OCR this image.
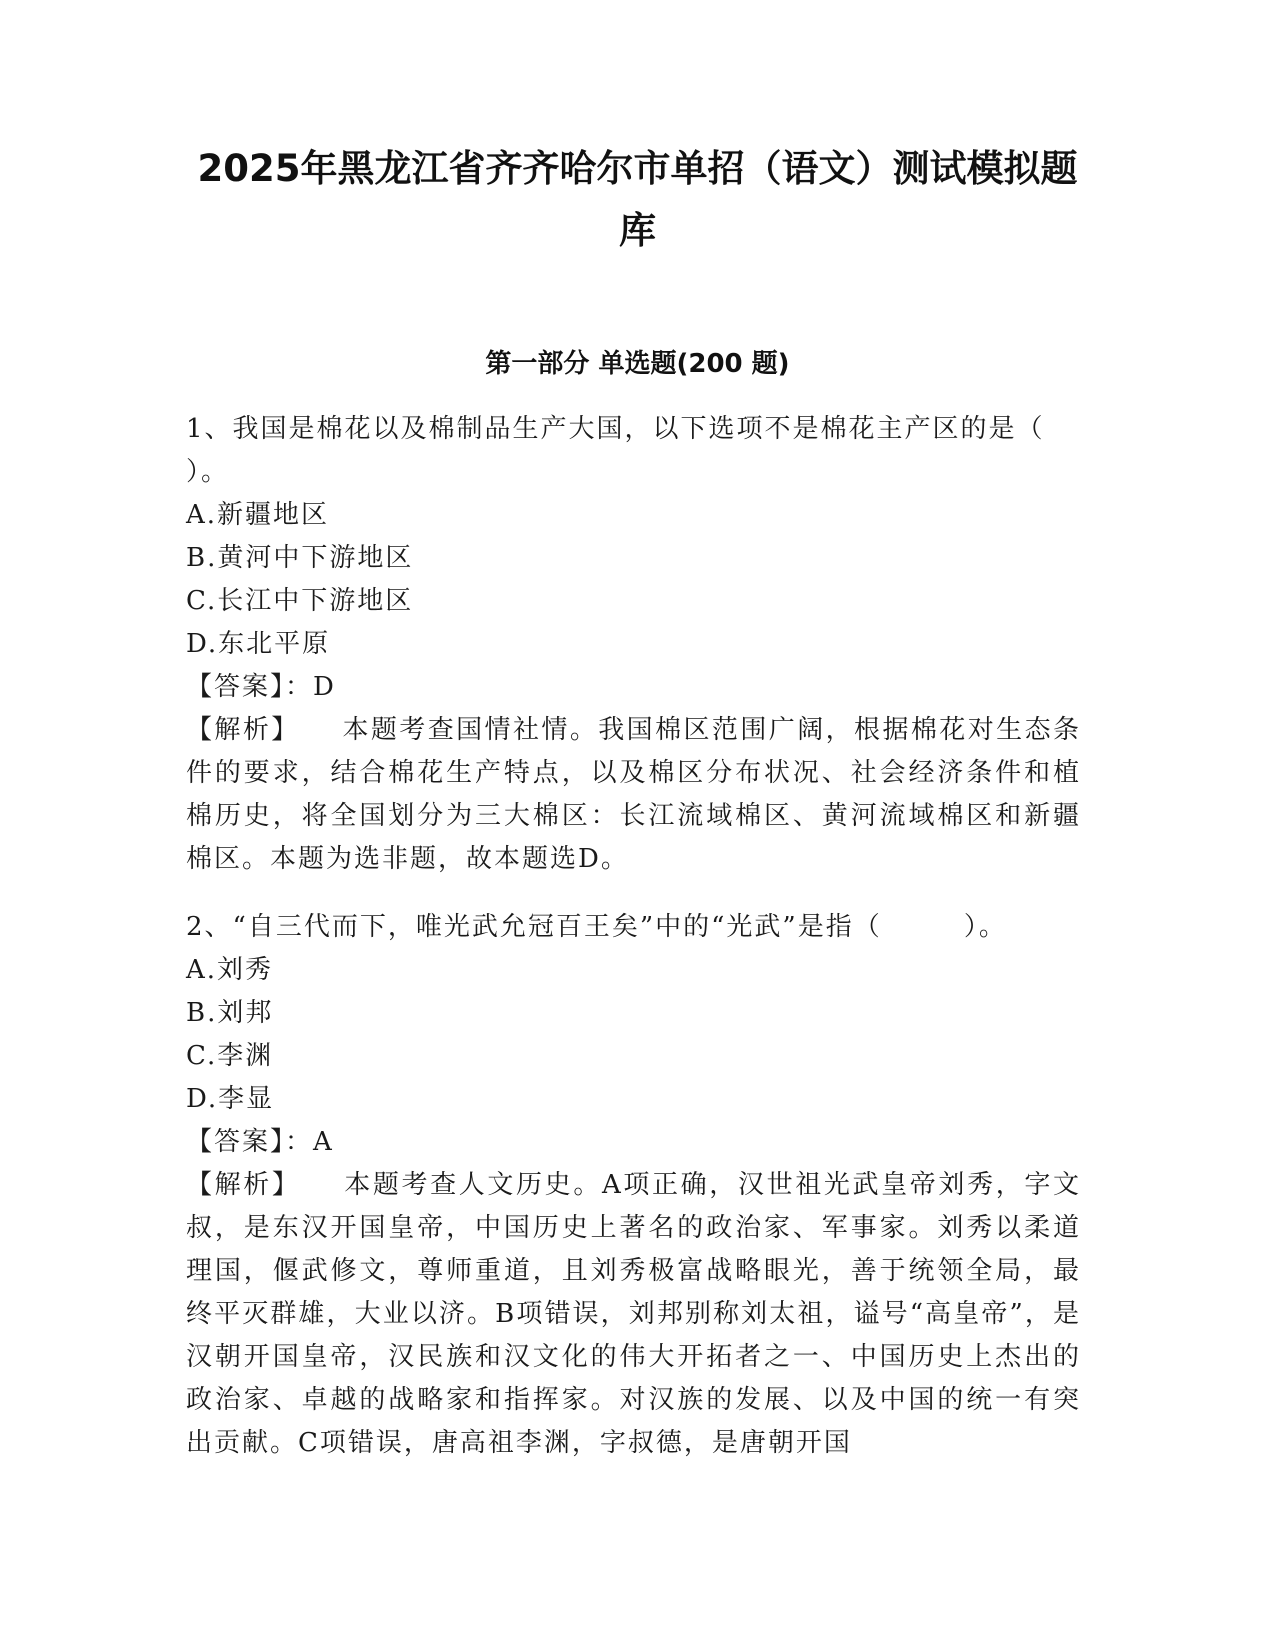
2025年黑龙江省齐齐哈尔市单招（语文）测试模拟题库
第一部分 单选题(200 题)

1、我国是棉花以及棉制品生产大国，以下选项不是棉花主产区的是（    ）。

A.新疆地区

B.黄河中下游地区

C.长江中下游地区

D.东北平原

【答案】：D

【解析】    本题考查国情社情。我国棉区范围广阔，根据棉花对生态条件的要求，结合棉花生产特点，以及棉区分布状况、社会经济条件和植棉历史，将全国划分为三大棉区：长江流域棉区、黄河流域棉区和新疆棉区。本题为选非题，故本题选D。

2、“自三代而下，唯光武允冠百王矣”中的“光武”是指（        ）。

A.刘秀

B.刘邦

C.李渊

D.李显

【答案】：A

【解析】    本题考查人文历史。A项正确，汉世祖光武皇帝刘秀，字文叔，是东汉开国皇帝，中国历史上著名的政治家、军事家。刘秀以柔道理国，偃武修文，尊师重道，且刘秀极富战略眼光，善于统领全局，最终平灭群雄，大业以济。B项错误，刘邦别称刘太祖，谥号“高皇帝”，是汉朝开国皇帝，汉民族和汉文化的伟大开拓者之一、中国历史上杰出的政治家、卓越的战略家和指挥家。对汉族的发展、以及中国的统一有突出贡献。C项错误，唐高祖李渊，字叔德，是唐朝开国
